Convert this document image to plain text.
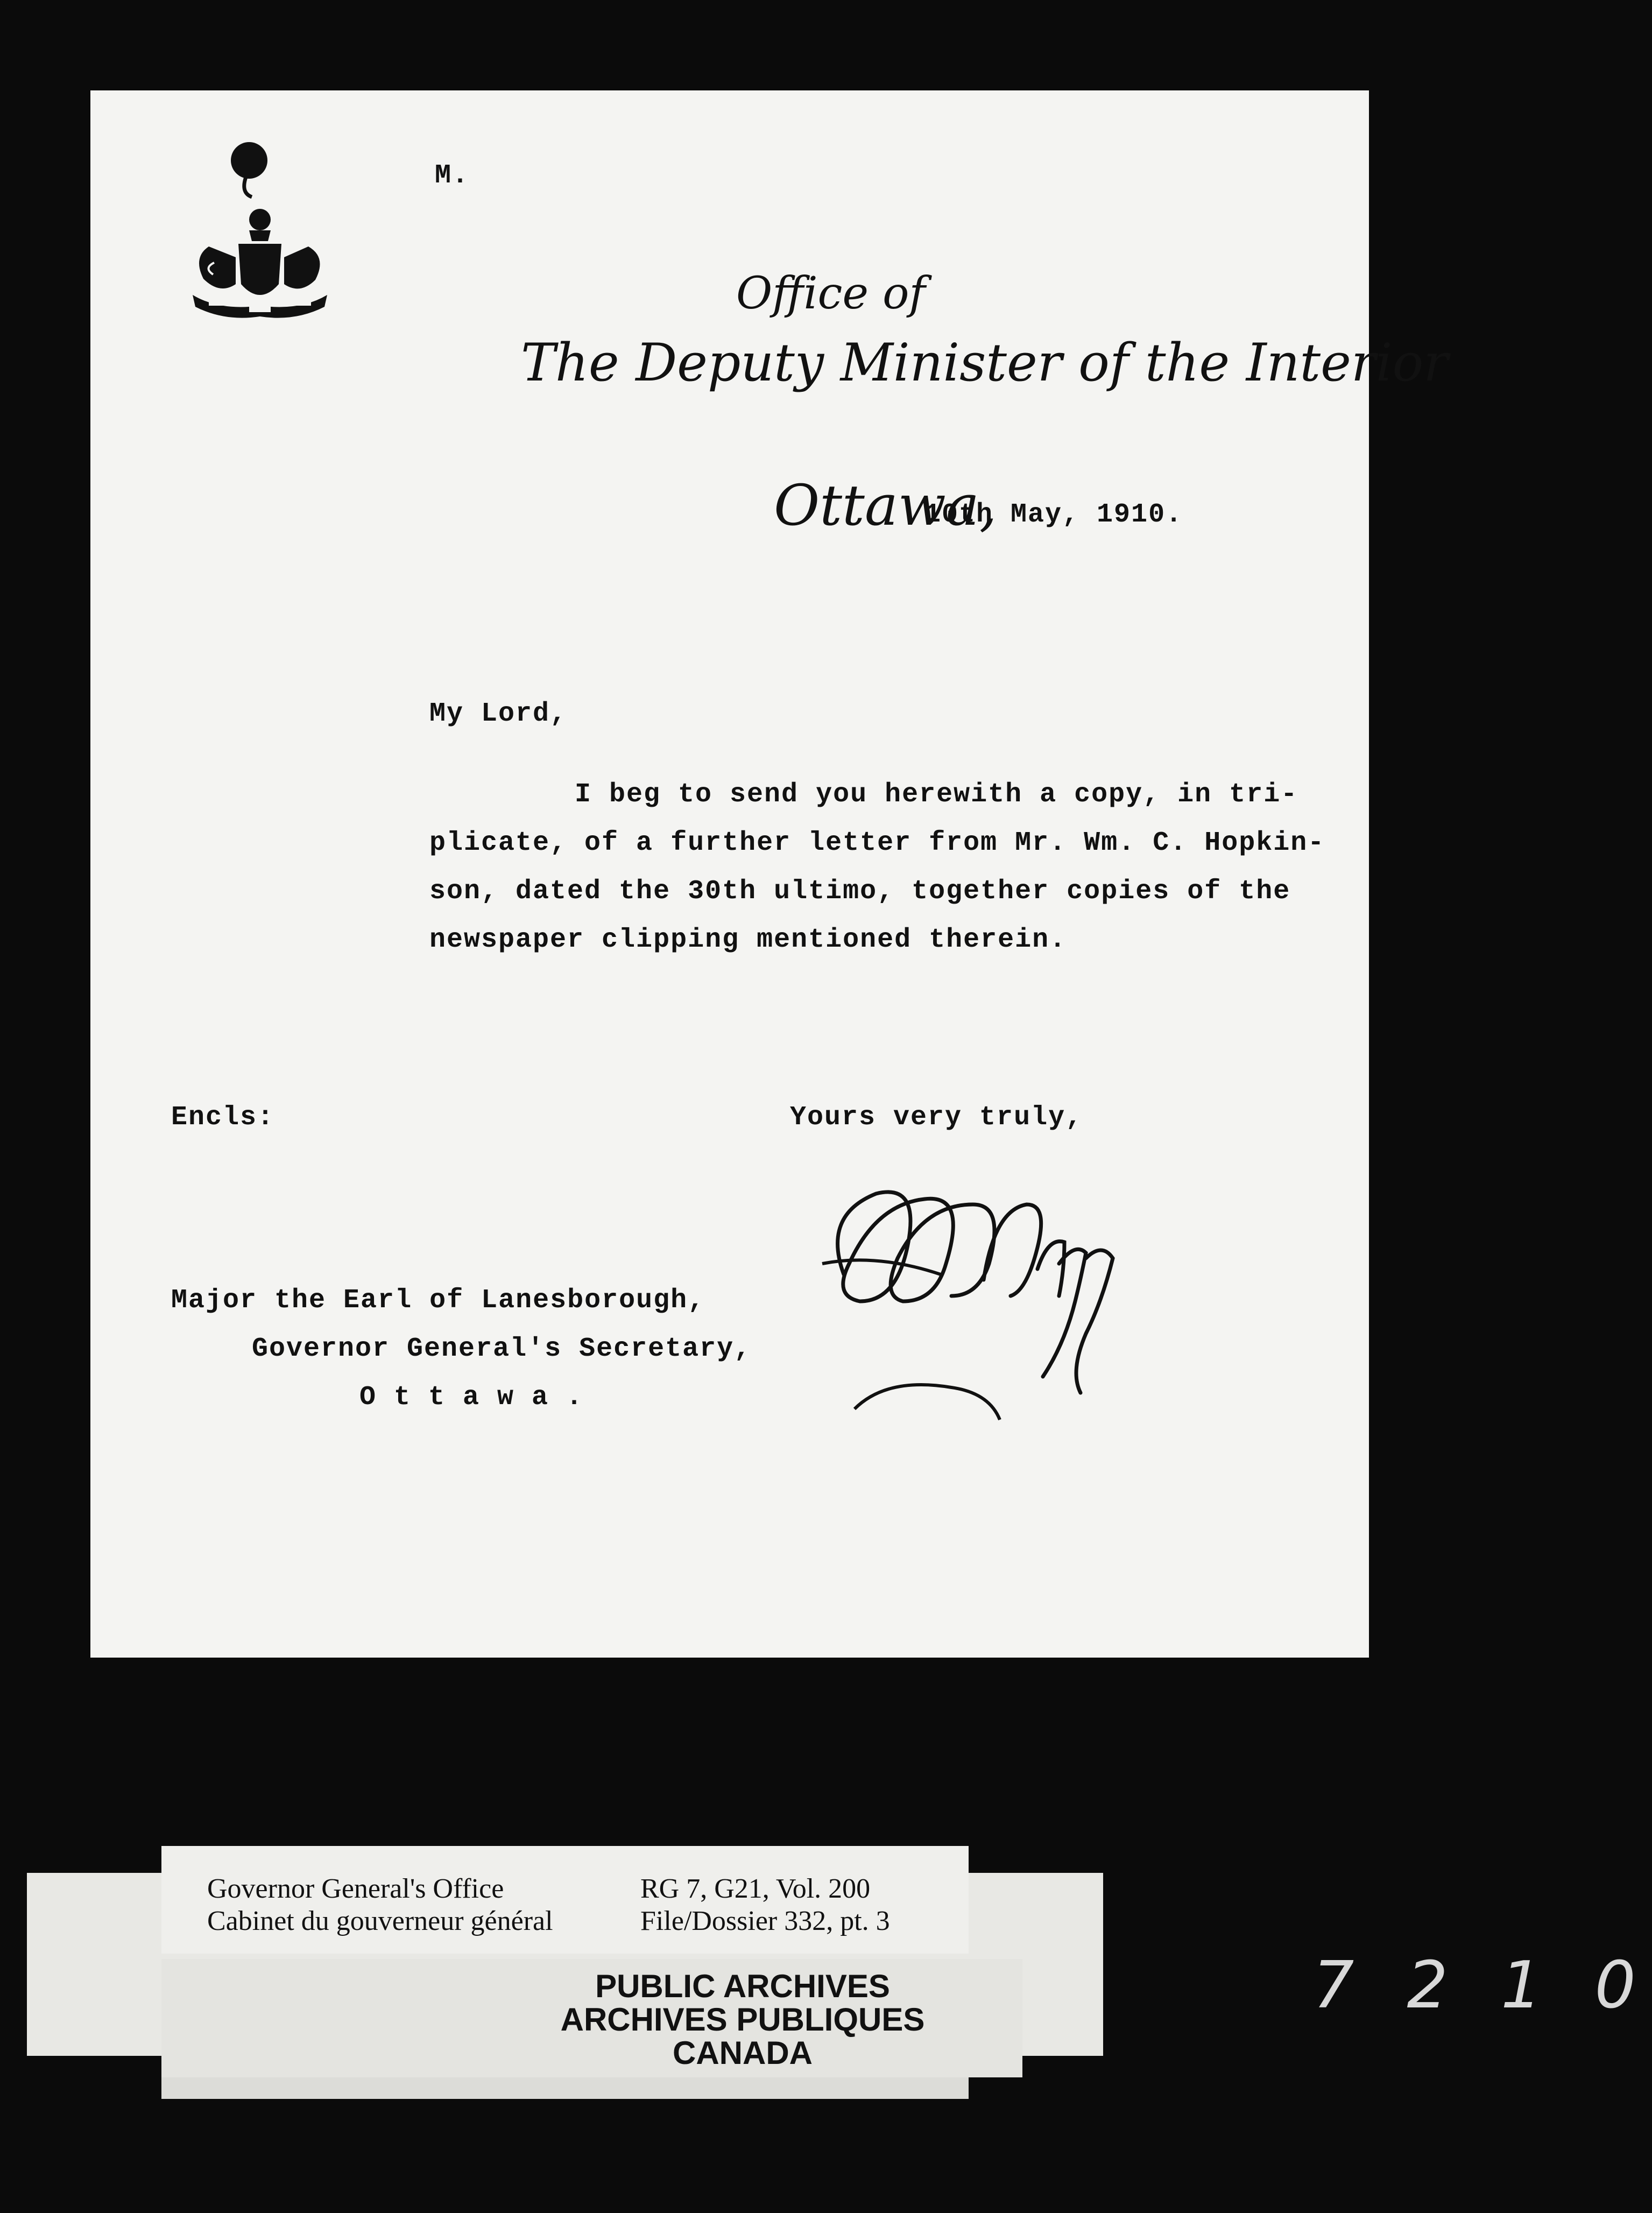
M.
Office of
The Deputy Minister of the Interior
Ottawa,
10th May, 1910.
My Lord,
I beg to send you herewith a copy, in tri-
plicate, of a further letter from Mr. Wm. C. Hopkin-
son, dated the 30th ultimo, together copies of the
newspaper clipping mentioned therein.
Encls:	Yours very truly,
Major the Earl of Lanesborough,
Governor General's Secretary,
O t t a w a .
Governor General's Office
Cabinet du gouverneur général
RG 7, G21, Vol. 200
File/Dossier 332, pt. 3
PUBLIC ARCHIVES
ARCHIVES PUBLIQUES
CANADA
7 2 1 0
